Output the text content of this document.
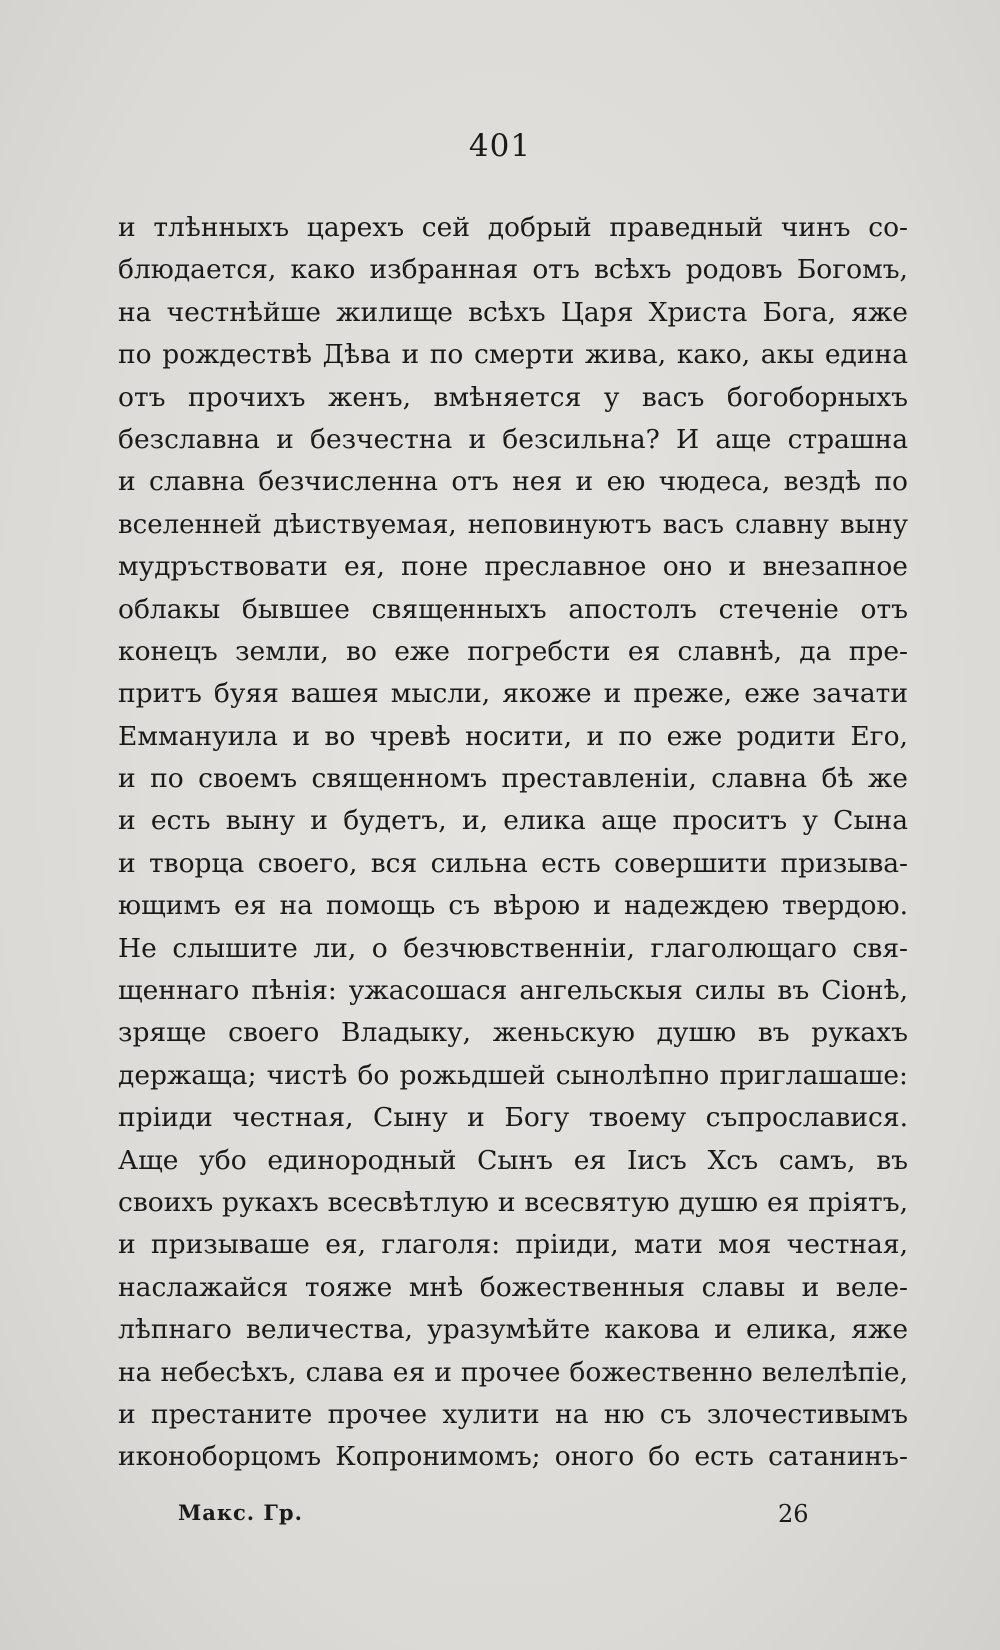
401
и тлѣнныхъ царехъ сей добрый праведный чинъ со-
блюдается, како избранная отъ всѣхъ родовъ Богомъ,
на честнѣйше жилище всѣхъ Царя Христа Бога, яже
по рождествѣ Дѣва и по смерти жива, како, акы едина
отъ прочихъ женъ, вмѣняется у васъ богоборныхъ
безславна и безчестна и безсильна? И аще страшна
и славна безчисленна отъ нея и ею чюдеса, вездѣ по
вселенней дѣиствуемая, неповинуютъ васъ славну выну
мудръствовати ея, поне преславное оно и внезапное
облакы бывшее священныхъ апостолъ стеченіе отъ
конецъ земли, во еже погребсти ея славнѣ, да пре-
притъ буяя вашея мысли, якоже и преже, еже зачати
Еммануила и во чревѣ носити, и по еже родити Его,
и по своемъ священномъ преставленіи, славна бѣ же
и есть выну и будетъ, и, елика аще проситъ у Сына
и творца своего, вся сильна есть совершити призыва-
ющимъ ея на помощь съ вѣрою и надеждею твердою.
Не слышите ли, о безчювственніи, глаголющаго свя-
щеннаго пѣнія: ужасошася ангельскыя силы въ Сіонѣ,
зряще своего Владыку, женьскую душю въ рукахъ
держаща; чистѣ бо рожьдшей сынолѣпно приглашаше:
пріиди честная, Сыну и Богу твоему съпрославися.
Аще убо единородный Сынъ ея Іисъ Хсъ самъ, въ
своихъ рукахъ всесвѣтлую и всесвятую душю ея пріятъ,
и призываше ея, глаголя: пріиди, мати моя честная,
наслажайся тояже мнѣ божественныя славы и веле-
лѣпнаго величества, уразумѣйте какова и елика, яже
на небесѣхъ, слава ея и прочее божественно велелѣпіе,
и престаните прочее хулити на ню съ злочестивымъ
иконоборцомъ Копронимомъ; оного бо есть сатанинъ-
Макс. Гр.	26
